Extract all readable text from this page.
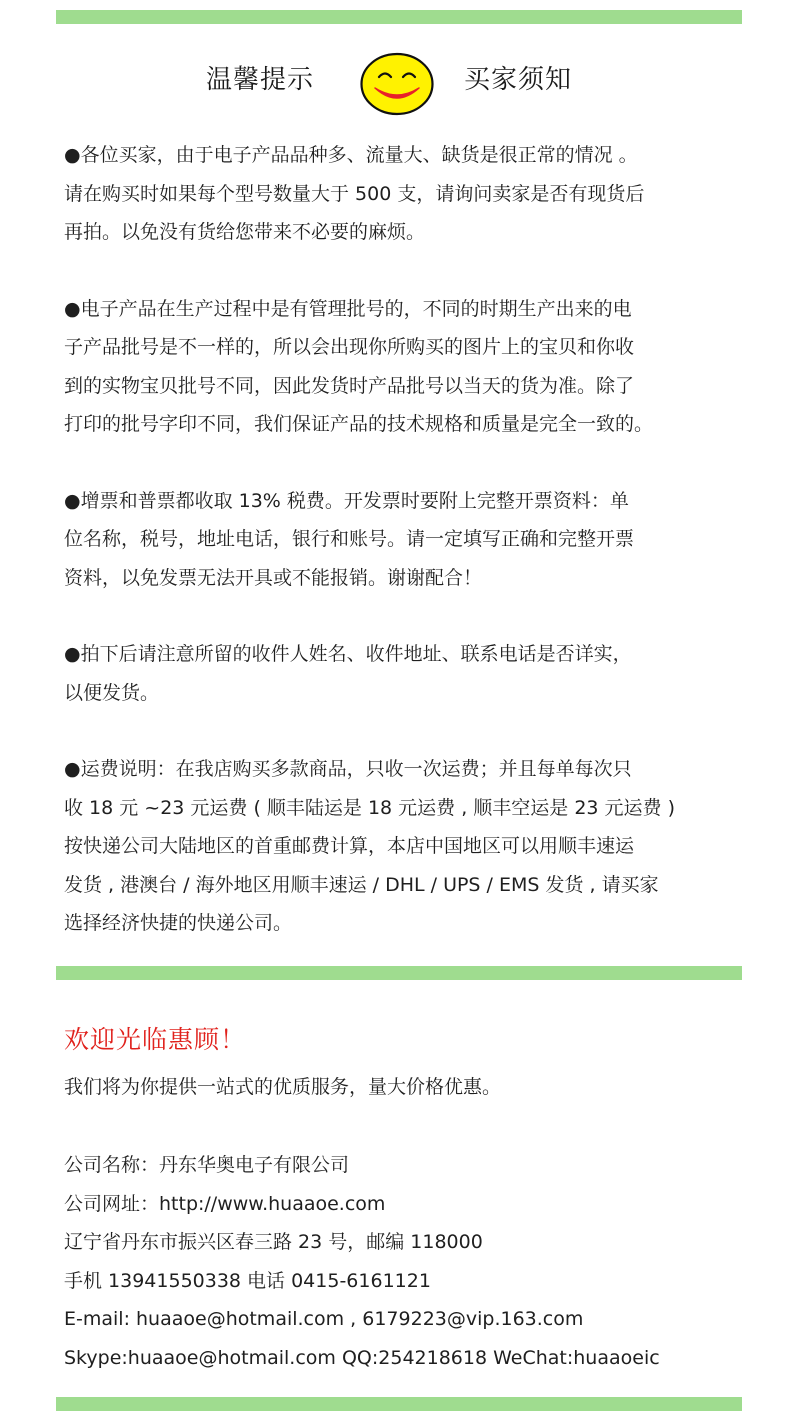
温馨提示	买家须知

●各位买家，由于电子产品品种多、流量大、缺货是很正常的情况 。
请在购买时如果每个型号数量大于 500 支，请询问卖家是否有现货后
再拍。以免没有货给您带来不必要的麻烦。

●电子产品在生产过程中是有管理批号的，不同的时期生产出来的电
子产品批号是不一样的，所以会出现你所购买的图片上的宝贝和你收
到的实物宝贝批号不同，因此发货时产品批号以当天的货为准。除了
打印的批号字印不同，我们保证产品的技术规格和质量是完全一致的。

●增票和普票都收取 13% 税费。开发票时要附上完整开票资料：单
位名称，税号，地址电话，银行和账号。请一定填写正确和完整开票
资料，以免发票无法开具或不能报销。谢谢配合！

●拍下后请注意所留的收件人姓名、收件地址、联系电话是否详实，
以便发货。

●运费说明：在我店购买多款商品，只收一次运费；并且每单每次只
收 18 元 ~23 元运费 ( 顺丰陆运是 18 元运费 , 顺丰空运是 23 元运费 )
按快递公司大陆地区的首重邮费计算，本店中国地区可以用顺丰速运
发货 , 港澳台 / 海外地区用顺丰速运 / DHL / UPS / EMS 发货 , 请买家
选择经济快捷的快递公司。

欢迎光临惠顾！
我们将为你提供一站式的优质服务，量大价格优惠。
公司名称：丹东华奥电子有限公司
公司网址：http://www.huaaoe.com
辽宁省丹东市振兴区春三路 23 号，邮编 118000
手机 13941550338 电话 0415-6161121
E-mail: huaaoe@hotmail.com , 6179223@vip.163.com
Skype:huaaoe@hotmail.com QQ:254218618 WeChat:huaaoeic
